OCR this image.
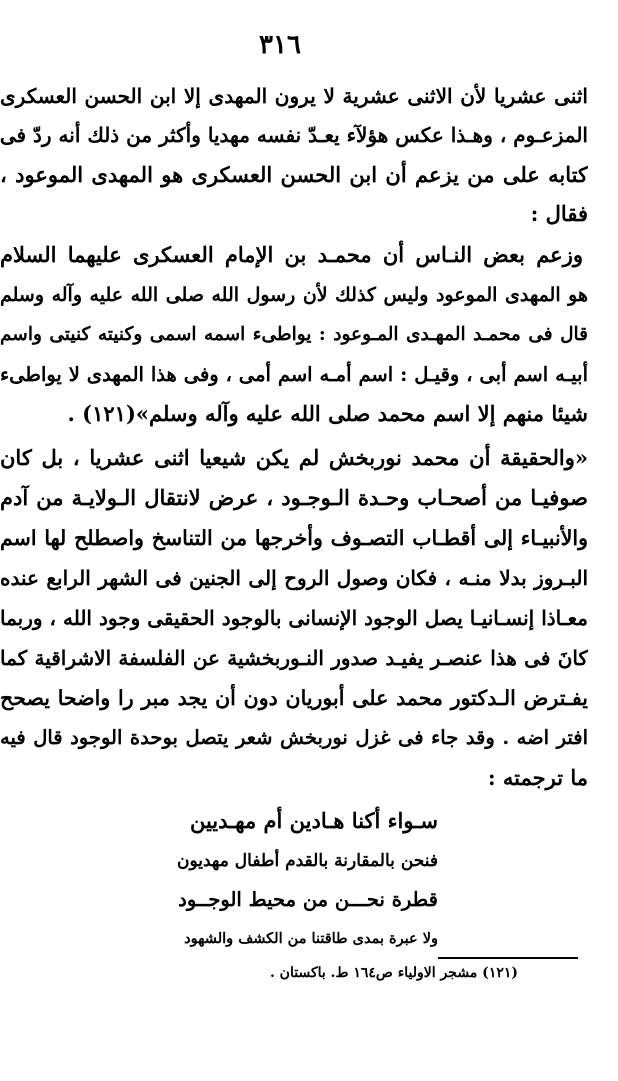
٣١٦
اثنى عشريا لأن الاثنى عشرية لا يرون المهدى إلا ابن الحسن العسكرى
المزعـوم ، وهـذا عكس هؤلآء يعـدّ نفسه مهديا وأكثر من ذلك أنه ردّ فى
كتابه على من يزعم أن ابن الحسن العسكرى هو المهدى الموعود ،
فقال :
وزعم بعض النـاس أن محمـد بن الإمام العسكرى عليهما السلام
هو المهدى الموعود وليس كذلك لأن رسول الله صلى الله عليه وآله وسلم
قال فى محمـد المهـدى المـوعود : يواطىء اسمه اسمى وكنيته كنيتى واسم
أبيـه اسم أبى ، وقيـل : اسم أمـه اسم أمى ، وفى هذا المهدى لا يواطىء
شيئا منهم إلا اسم محمد صلى الله عليه وآله وسلم»(١٢١) .
«والحقيقة أن محمد نوربخش لم يكن شيعيا اثنى عشريا ، بل كان
صوفيـا من أصحـاب وحـدة الـوجـود ، عرض لانتقال الـولايـة من آدم
والأنبيـاء إلى أقطـاب التصـوف وأخرجها من التناسخ واصطلح لها اسم
البـروز بدلا منـه ، فكان وصول الروح إلى الجنين فى الشهر الرابع عنده
معـاذا إنسـانيـا يصل الوجود الإنسانى بالوجود الحقيقى وجود الله ، وربما
كانَ فى هذا عنصـر يفيـد صدور النـوربخشية عن الفلسفة الاشراقية كما
يفـترض الـدكتور محمد على أبوريان دون أن يجد مبر را واضحا يصحح
افتر اضه . وقد جاء فى غزل نوربخش شعر يتصل بوحدة الوجود قال فيه
ما ترجمته :
سـواء أكنا هـادين أم مهـديين
فنحن بالمقارنة بالقدم أطفال مهديون
قطرة نحـــن من محيط الوجــود
ولا عبرة بمدى طاقتنا من الكشف والشهود
(١٢١) مشجر الاولياء ص١٦٤ ط. باكستان .
